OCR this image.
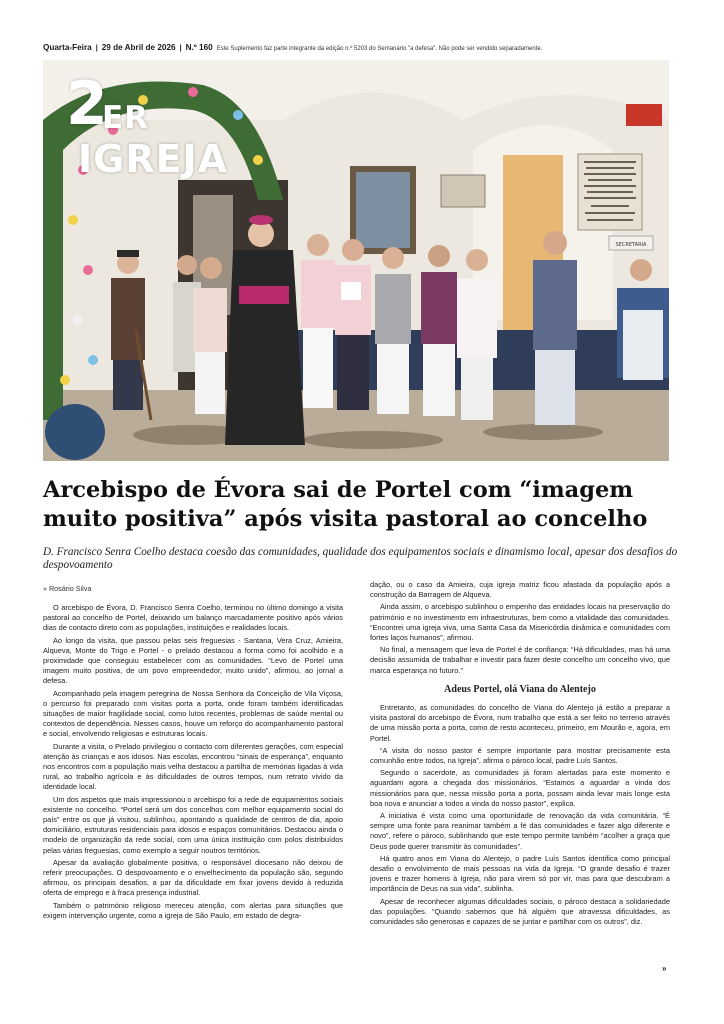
Quarta-Feira | 29 de Abril de 2026 | N.º 160 Este Suplemento faz parte integrante da edição n.º 5203 do Semanário "a defesa". Não pode ser vendido separadamente.
SECRETARIA
2
ER
IGREJA
Arcebispo de Évora sai de Portel com “imagem muito positiva” após visita pastoral ao concelho

D. Francisco Senra Coelho destaca coesão das comunidades, qualidade dos equipamentos sociais e dinamismo local, apesar dos desafios do despovoamento

» Rosário Silva

O arcebispo de Évora, D. Francisco Senra Coelho, terminou no último domingo a visita pastoral ao concelho de Portel, deixando um balanço marcadamente positivo após vários dias de contacto direto com as populações, instituições e realidades locais.

Ao longo da visita, que passou pelas seis freguesias - Santana, Vera Cruz, Amieira, Alqueva, Monte do Trigo e Portel - o prelado destacou a forma como foi acolhido e a proximidade que conseguiu estabelecer com as comunidades. “Levo de Portel uma imagem muito positiva, de um povo empreendedor, muito unido”, afirmou, ao jornal a defesa.

Acompanhado pela imagem peregrina de Nossa Senhora da Conceição de Vila Viçosa, o percurso foi preparado com visitas porta a porta, onde foram também identificadas situações de maior fragilidade social, como lutos recentes, problemas de saúde mental ou contextos de dependência. Nesses casos, houve um reforço do acompanhamento pastoral e social, envolvendo religiosas e estruturas locais.

Durante a visita, o Prelado privilegiou o contacto com diferentes gerações, com especial atenção às crianças e aos idosos. Nas escolas, encontrou “sinais de esperança”, enquanto nos encontros com a população mais velha destacou a partilha de memórias ligadas à vida rural, ao trabalho agrícola e às dificuldades de outros tempos, num retrato vivido da identidade local.

Um dos aspetos que mais impressionou o arcebispo foi a rede de equipamentos sociais existente no concelho. “Portel será um dos concelhos com melhor equipamento social do país” entre os que já visitou, sublinhou, apontando a qualidade de centros de dia, apoio domiciliário, estruturas residenciais para idosos e espaços comunitários. Destacou ainda o modelo de organização da rede social, com uma única instituição com polos distribuídos pelas várias freguesias, como exemplo a seguir noutros territórios.

Apesar da avaliação globalmente positiva, o responsável diocesano não deixou de referir preocupações. O despovoamento e o envelhecimento da população são, segundo afirmou, os principais desafios, a par da dificuldade em fixar jovens devido à reduzida oferta de emprego e à fraca presença industrial.

Também o património religioso mereceu atenção, com alertas para situações que exigem intervenção urgente, como a igreja de São Paulo, em estado de degra-

dação, ou o caso da Amieira, cuja igreja matriz ficou afastada da população após a construção da Barragem de Alqueva.

Ainda assim, o arcebispo sublinhou o empenho das entidades locais na preservação do património e no investimento em infraestruturas, bem como a vitalidade das comunidades. “Encontrei uma igreja viva, uma Santa Casa da Misericórdia dinâmica e comunidades com fortes laços humanos”, afirmou.

No final, a mensagem que leva de Portel é de confiança: “Há dificuldades, mas há uma decisão assumida de trabalhar e investir para fazer deste concelho um concelho vivo, que marca esperança no futuro.”

Adeus Portel, olá Viana do Alentejo

Entretanto, as comunidades do concelho de Viana do Alentejo já estão a preparar a visita pastoral do arcebispo de Évora, num trabalho que está a ser feito no terreno através de uma missão porta a porta, como de resto aconteceu, primeiro, em Mourão e, agora, em Portel.

“A visita do nosso pastor é sempre importante para mostrar precisamente esta comunhão entre todos, na Igreja”, afirma o pároco local, padre Luís Santos.

Segundo o sacerdote, as comunidades já foram alertadas para este momento e aguardam agora a chegada dos missionários. “Estamos a aguardar a vinda dos missionários para que, nessa missão porta a porta, possam ainda levar mais longe esta boa nova e anunciar a todos a vinda do nosso pastor”, explica.

A iniciativa é vista como uma oportunidade de renovação da vida comunitária. “É sempre uma fonte para reanimar também a fé das comunidades e fazer algo diferente e novo”, refere o pároco, sublinhando que este tempo permite também “acolher a graça que Deus pode querer transmitir às comunidades”.

Há quatro anos em Viana do Alentejo, o padre Luís Santos identifica como principal desafio o envolvimento de mais pessoas na vida da Igreja. “O grande desafio é trazer jovens e trazer homens à Igreja, não para virem só por vir, mas para que descubram a importância de Deus na sua vida”, sublinha.

Apesar de reconhecer algumas dificuldades sociais, o pároco destaca a solidariedade das populações. “Quando sabemos que há alguém que atravessa dificuldades, as comunidades são generosas e capazes de se juntar e partilhar com os outros”, diz.

»
